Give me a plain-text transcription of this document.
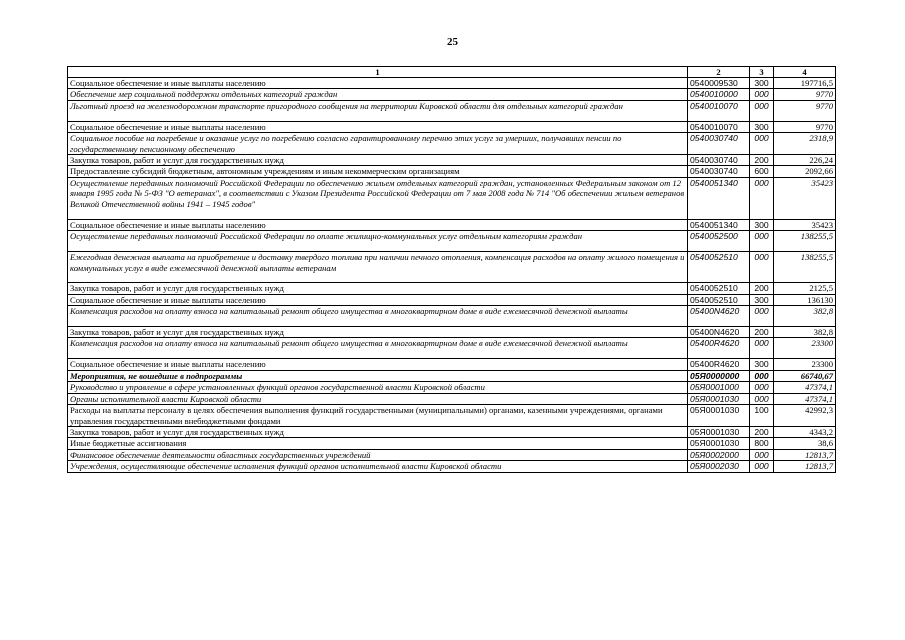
25
1	2	3	4
Социальное обеспечение и иные выплаты населению	0540009530	300	197716,5
Обеспечение мер социальной поддержки отдельных категорий граждан	0540010000	000	9770
Льготный проезд на железнодорожном транспорте пригородного сообщения на территории Кировской области для отдельных категорий граждан	0540010070	000	9770
Социальное обеспечение и иные выплаты населению	0540010070	300	9770
Социальное пособие на погребение и оказание услуг по погребению согласно гарантированному перечню этих услуг за умерших, получавших пенсии по государственному пенсионному обеспечению	0540030740	000	2318,9
Закупка товаров, работ и услуг для государственных нужд	0540030740	200	226,24
Предоставление субсидий бюджетным, автономным учреждениям и иным некоммерческим организациям	0540030740	600	2092,66
Осуществление переданных полномочий Российской Федерации по обеспечению жильем отдельных категорий граждан, установленных Федеральным законом от 12 января 1995 года № 5-ФЗ "О ветеранах", в соответствии с Указом Президента Российской Федерации от 7 мая 2008 года № 714 "Об обеспечении жильем ветеранов Великой Отечественной войны 1941 – 1945 годов"	0540051340	000	35423
Социальное обеспечение и иные выплаты населению	0540051340	300	35423
Осуществление переданных полномочий Российской Федерации по оплате жилищно-коммунальных услуг отдельным категориям граждан	0540052500	000	138255,5
Ежегодная денежная выплата на приобретение и доставку твердого топлива при наличии печного отопления, компенсация расходов на оплату жилого помещения и коммунальных услуг в виде ежемесячной денежной выплаты ветеранам	0540052510	000	138255,5
Закупка товаров, работ и услуг для государственных нужд	0540052510	200	2125,5
Социальное обеспечение и иные выплаты населению	0540052510	300	136130
Компенсация расходов на оплату взноса на капитальный ремонт общего имущества в многоквартирном доме в виде ежемесячной денежной выплаты	05400N4620	000	382,8
Закупка товаров, работ и услуг для государственных нужд	05400N4620	200	382,8
Компенсация расходов на оплату взноса на капитальный ремонт общего имущества в многоквартирном доме в виде ежемесячной денежной выплаты	05400R4620	000	23300
Социальное обеспечение и иные выплаты населению	05400R4620	300	23300
Мероприятия, не вошедшие в подпрограммы	05Я0000000	000	66740,67
Руководство и управление в сфере установленных функций органов государственной власти Кировской области	05Я0001000	000	47374,1
Органы исполнительной власти Кировской области	05Я0001030	000	47374,1
Расходы на выплаты персоналу в целях обеспечения выполнения функций государственными (муниципальными) органами, казенными учреждениями, органами управления государственными внебюджетными фондами	05Я0001030	100	42992,3
Закупка товаров, работ и услуг для государственных нужд	05Я0001030	200	4343,2
Иные бюджетные ассигнования	05Я0001030	800	38,6
Финансовое обеспечение деятельности областных государственных учреждений	05Я0002000	000	12813,7
Учреждения, осуществляющие обеспечение исполнения функций органов исполнительной власти Кировской области	05Я0002030	000	12813,7
